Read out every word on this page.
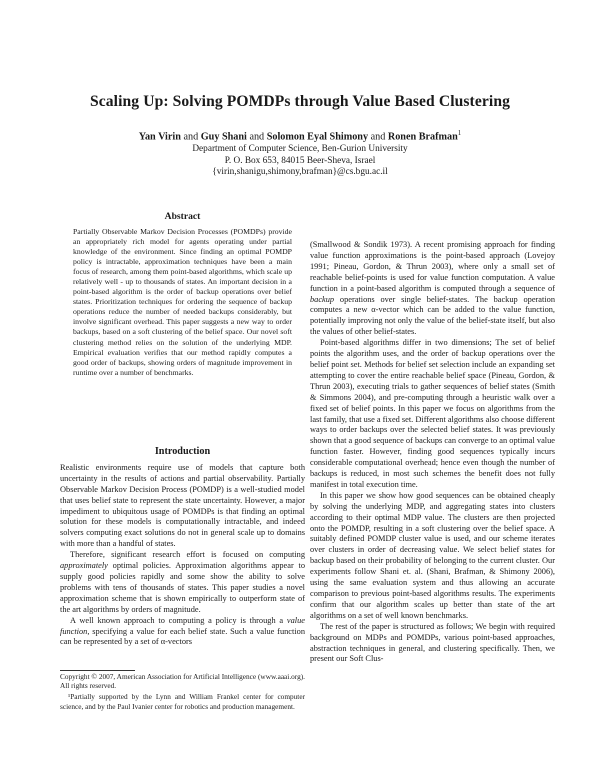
Scaling Up: Solving POMDPs through Value Based Clustering
Yan Virin and Guy Shani and Solomon Eyal Shimony and Ronen Brafman$^1$
Department of Computer Science, Ben-Gurion University
P. O. Box 653, 84015 Beer-Sheva, Israel
{virin,shanigu,shimony,brafman}@cs.bgu.ac.il
Abstract

Partially Observable Markov Decision Processes (POMDPs) provide an appropriately rich model for agents operating under partial knowledge of the environment. Since finding an optimal POMDP policy is intractable, approximation techniques have been a main focus of research, among them point-based algorithms, which scale up relatively well - up to thousands of states. An important decision in a point-based algorithm is the order of backup operations over belief states. Prioritization techniques for ordering the sequence of backup operations reduce the number of needed backups considerably, but involve significant overhead. This paper suggests a new way to order backups, based on a soft clustering of the belief space. Our novel soft clustering method relies on the solution of the underlying MDP. Empirical evaluation verifies that our method rapidly computes a good order of backups, showing orders of magnitude improvement in runtime over a number of benchmarks.

Introduction

Realistic environments require use of models that capture both uncertainty in the results of actions and partial observability. Partially Observable Markov Decision Process (POMDP) is a well-studied model that uses belief state to represent the state uncertainty. However, a major impediment to ubiquitous usage of POMDPs is that finding an optimal solution for these models is computationally intractable, and indeed solvers computing exact solutions do not in general scale up to domains with more than a handful of states.

Therefore, significant research effort is focused on computing approximately optimal policies. Approximation algorithms appear to supply good policies rapidly and some show the ability to solve problems with tens of thousands of states. This paper studies a novel approximation scheme that is shown empirically to outperform state of the art algorithms by orders of magnitude.

A well known approach to computing a policy is through a value function, specifying a value for each belief state. Such a value function can be represented by a set of α-vectors

Copyright © 2007, American Association for Artificial Intelligence (www.aaai.org). All rights reserved.

¹Partially supported by the Lynn and William Frankel center for computer science, and by the Paul Ivanier center for robotics and production management.

(Smallwood & Sondik 1973). A recent promising approach for finding value function approximations is the point-based approach (Lovejoy 1991; Pineau, Gordon, & Thrun 2003), where only a small set of reachable belief-points is used for value function computation. A value function in a point-based algorithm is computed through a sequence of backup operations over single belief-states. The backup operation computes a new α-vector which can be added to the value function, potentially improving not only the value of the belief-state itself, but also the values of other belief-states.

Point-based algorithms differ in two dimensions; The set of belief points the algorithm uses, and the order of backup operations over the belief point set. Methods for belief set selection include an expanding set attempting to cover the entire reachable belief space (Pineau, Gordon, & Thrun 2003), executing trials to gather sequences of belief states (Smith & Simmons 2004), and pre-computing through a heuristic walk over a fixed set of belief points. In this paper we focus on algorithms from the last family, that use a fixed set. Different algorithms also choose different ways to order backups over the selected belief states. It was previously shown that a good sequence of backups can converge to an optimal value function faster. However, finding good sequences typically incurs considerable computational overhead; hence even though the number of backups is reduced, in most such schemes the benefit does not fully manifest in total execution time.

In this paper we show how good sequences can be obtained cheaply by solving the underlying MDP, and aggregating states into clusters according to their optimal MDP value. The clusters are then projected onto the POMDP, resulting in a soft clustering over the belief space. A suitably defined POMDP cluster value is used, and our scheme iterates over clusters in order of decreasing value. We select belief states for backup based on their probability of belonging to the current cluster. Our experiments follow Shani et. al. (Shani, Brafman, & Shimony 2006), using the same evaluation system and thus allowing an accurate comparison to previous point-based algorithms results. The experiments confirm that our algorithm scales up better than state of the art algorithms on a set of well known benchmarks.

The rest of the paper is structured as follows; We begin with required background on MDPs and POMDPs, various point-based approaches, abstraction techniques in general, and clustering specifically. Then, we present our Soft Clus-
